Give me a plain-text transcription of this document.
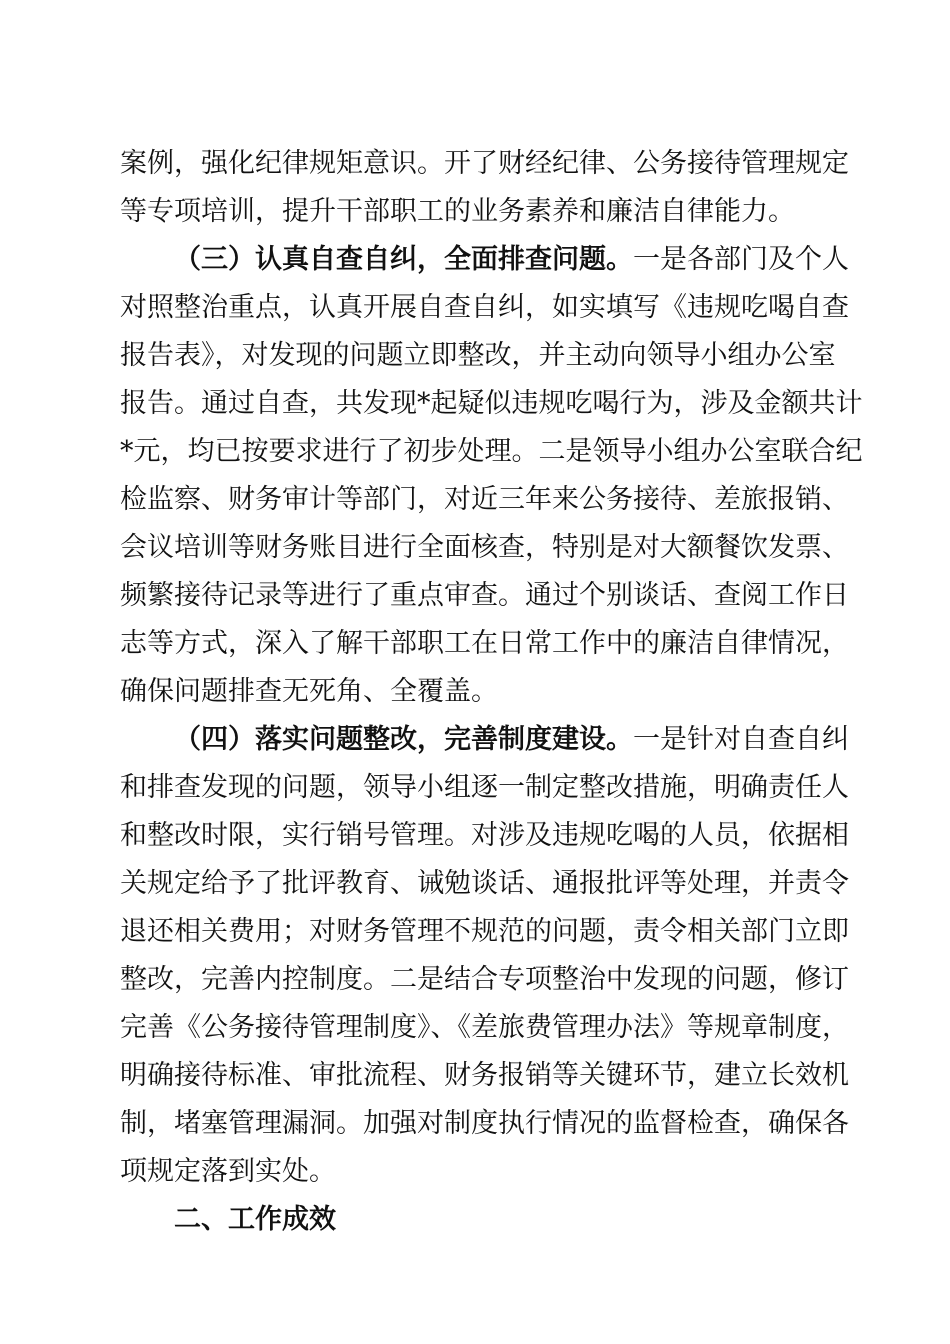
案例，强化纪律规矩意识。开了财经纪律、公务接待管理规定
等专项培训，提升干部职工的业务素养和廉洁自律能力。
（三）认真自查自纠，全面排查问题。一是各部门及个人
对照整治重点，认真开展自查自纠，如实填写《违规吃喝自查
报告表》，对发现的问题立即整改，并主动向领导小组办公室
报告。通过自查，共发现*起疑似违规吃喝行为，涉及金额共计
*元，均已按要求进行了初步处理。二是领导小组办公室联合纪
检监察、财务审计等部门，对近三年来公务接待、差旅报销、
会议培训等财务账目进行全面核查，特别是对大额餐饮发票、
频繁接待记录等进行了重点审查。通过个别谈话、查阅工作日
志等方式，深入了解干部职工在日常工作中的廉洁自律情况，
确保问题排查无死角、全覆盖。
（四）落实问题整改，完善制度建设。一是针对自查自纠
和排查发现的问题，领导小组逐一制定整改措施，明确责任人
和整改时限，实行销号管理。对涉及违规吃喝的人员，依据相
关规定给予了批评教育、诫勉谈话、通报批评等处理，并责令
退还相关费用；对财务管理不规范的问题，责令相关部门立即
整改，完善内控制度。二是结合专项整治中发现的问题，修订
完善《公务接待管理制度》、《差旅费管理办法》等规章制度，
明确接待标准、审批流程、财务报销等关键环节，建立长效机
制，堵塞管理漏洞。加强对制度执行情况的监督检查，确保各
项规定落到实处。
二、工作成效
